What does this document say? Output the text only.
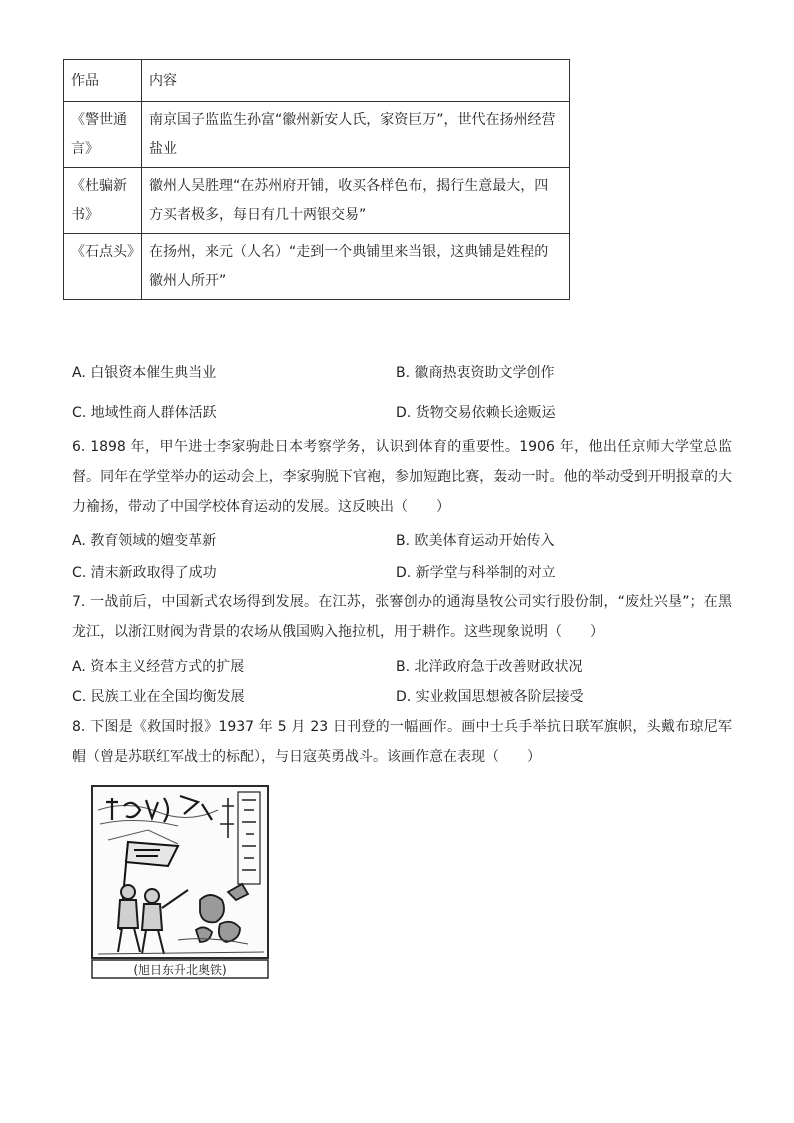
作品	内容
《警世通言》	南京国子监监生孙富“徽州新安人氏，家资巨万”，世代在扬州经营盐业
《杜骗新书》	徽州人吴胜理“在苏州府开铺，收买各样色布，揭行生意最大，四方买者极多，每日有几十两银交易”
《石点头》	在扬州，来元（人名）“走到一个典铺里来当银，这典铺是姓程的徽州人所开”
A. 白银资本催生典当业	B. 徽商热衷资助文学创作
C. 地域性商人群体活跃	D. 货物交易依赖长途贩运
6. 1898 年，甲午进士李家驹赴日本考察学务，认识到体育的重要性。1906 年，他出任京师大学堂总监督。同年在学堂举办的运动会上，李家驹脱下官袍，参加短跑比赛，轰动一时。他的举动受到开明报章的大力褕扬，带动了中国学校体育运动的发展。这反映出（　　）
A. 教育领域的嬗变革新	B. 欧美体育运动开始传入
C. 清末新政取得了成功	D. 新学堂与科举制的对立
7. 一战前后，中国新式农场得到发展。在江苏，张謇创办的通海垦牧公司实行股份制，“废灶兴垦”；在黑龙江，以浙江财阀为背景的农场从俄国购入拖拉机，用于耕作。这些现象说明（　　）
A. 资本主义经营方式的扩展	B. 北洋政府急于改善财政状况
C. 民族工业在全国均衡发展	D. 实业救国思想被各阶层接受
8. 下图是《救国时报》1937 年 5 月 23 日刊登的一幅画作。画中士兵手举抗日联军旗帜，头戴布琼尼军帽（曾是苏联红军战士的标配），与日寇英勇战斗。该画作意在表现（　　）
(旭日东升北奥铁)
